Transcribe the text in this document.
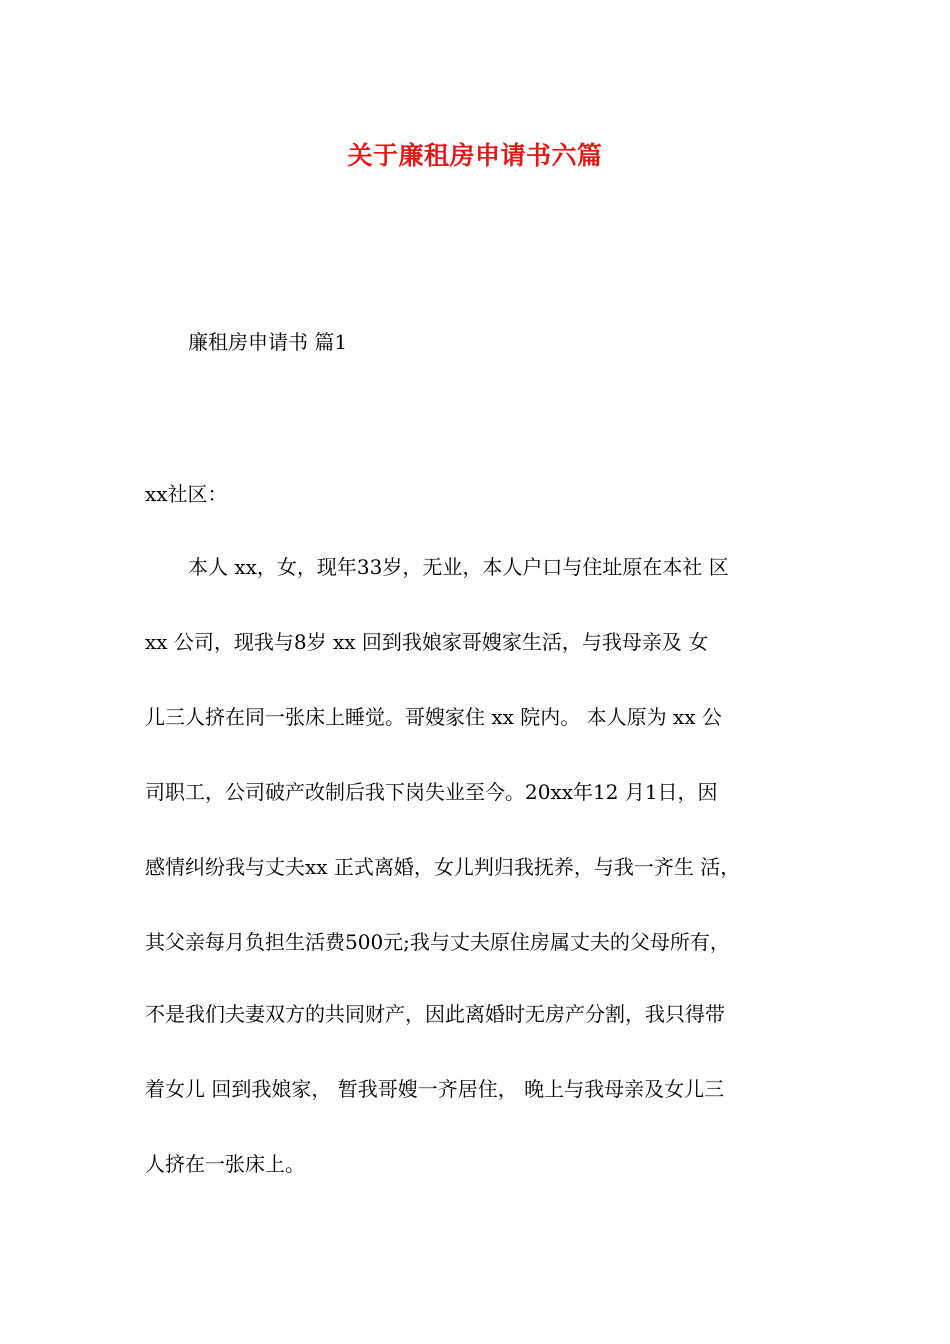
关于廉租房申请书六篇
廉租房申请书 篇1
xx社区：
本人 xx，女，现年33岁，无业，本人户口与住址原在本社 区
xx 公司，现我与8岁 xx 回到我娘家哥嫂家生活，与我母亲及 女
儿三人挤在同一张床上睡觉。哥嫂家住 xx 院内。 本人原为 xx 公
司职工，公司破产改制后我下岗失业至今。20xx年12 月1日，因
感情纠纷我与丈夫xx 正式离婚，女儿判归我抚养，与我一齐生 活，
其父亲每月负担生活费500元;我与丈夫原住房属丈夫的父母所有，
不是我们夫妻双方的共同财产，因此离婚时无房产分割，我只得带
着女儿 回到我娘家， 暂我哥嫂一齐居住， 晚上与我母亲及女儿三
人挤在一张床上。
